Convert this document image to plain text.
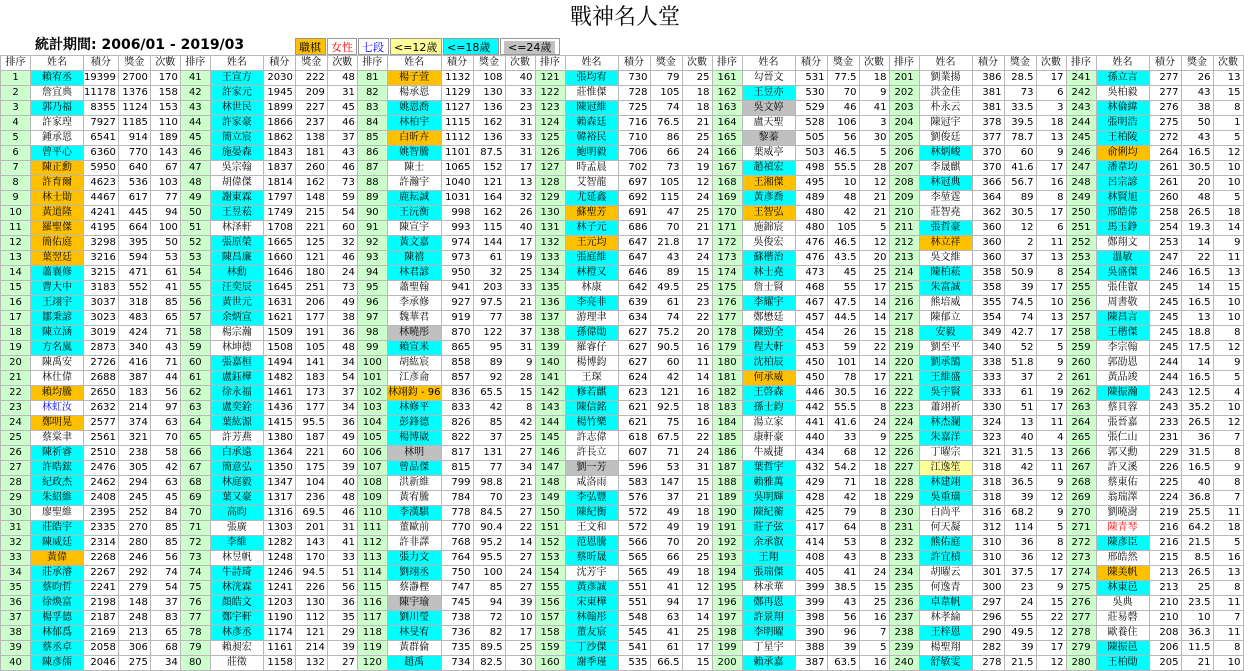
戰神名人堂
統計期間: 2006/01 - 2019/03	職棋 女性 七段 <=12歲 <=18歲	<=24歲
排序	姓名	積分	獎金	次數	排序	姓名	積分	獎金	次數	排序	姓名	積分	獎金	次數	排序	姓名	積分	獎金	次數	排序	姓名	積分	獎金	次數	排序	姓名	積分	獎金	次數	排序	姓名	積分	獎金	次數
1	賴宥丞	19399	2700	170	41	王宣方	2030	222	48	81	楊子萱	1132	108	40	121	張均宥	730	79	25	161	勾晉文	531	77.5	18	201	劉業揚	386	28.5	17	241	孫立言	277	26	13
2	詹宜典	11178	1376	158	42	許家元	1945	209	31	82	楊承恩	1129	130	33	122	莊惟傑	728	105	18	162	王昱亦	530	70	9	202	洪金佳	381	73	6	242	吳柏毅	277	43	15
3	郭乃福	8355	1124	153	43	林世民	1899	227	45	83	姚恩喬	1127	136	23	123	陳冠維	725	74	18	163	吳文婷	529	46	41	203	朴永云	381	33.5	3	243	林倫緯	276	38	8
4	許家瑝	7927	1185	110	44	許家豪	1866	237	46	84	林柏宇	1115	162	31	124	賴森廷	716	76.5	21	164	盧天聖	528	106	3	204	陳冠宇	378	39.5	18	244	張明浩	275	50	1
5	鍾承恩	6541	914	189	45	簡立宸	1862	138	37	85	白昕卉	1112	136	33	125	韓裕民	710	86	25	165	黎蓁	505	56	30	205	劉俊廷	377	78.7	13	245	王柏陵	272	43	5
6	曾平心	6360	770	143	46	施晏森	1843	181	43	86	姚智騰	1101	87.5	31	126	鮑明毅	706	66	24	166	葉威亭	503	46.5	5	206	林炳峻	370	60	9	246	俞俐均	264	16.5	12
7	陳正勳	5950	640	67	47	吳宗翰	1837	260	46	87	陳士	1065	152	17	127	時孟晨	702	73	19	167	趙禎宏	498	55.5	28	207	李晟麒	370	41.6	17	247	潘韋均	261	30.5	10
8	許育爾	4623	536	103	48	胡偉傑	1814	162	73	88	許瀚宇	1040	121	13	128	艾智龍	697	105	12	168	王湘傑	495	10	12	208	林冠典	366	56.7	16	248	呂宗諺	261	20	10
9	林士勛	4467	617	77	49	謝東霖	1797	148	59	89	鹿耘誠	1031	164	32	129	尤延鑫	692	115	24	169	黃彥喬	489	48	21	209	李堃霆	364	89	8	249	林賢旭	260	48	5
10	黃道隆	4241	445	94	50	王昱菘	1749	215	54	90	王沅衡	998	162	26	130	蘇聖芳	691	47	25	170	王智弘	480	42	21	210	莊智堯	362	30.5	17	250	邢皓偉	258	26.5	18
11	羅聖傑	4195	664	100	51	林泽軒	1708	221	60	91	陳宣宇	993	115	40	131	林子元	686	70	21	171	施錦宸	480	105	5	211	張哲豪	360	12	6	251	馬玉錚	254	19.3	14
12	簡佑庭	3298	395	50	52	張原榮	1665	125	32	92	黃文嘉	974	144	17	132	王元均	647	21.8	17	172	吳俊宏	476	46.5	12	212	林立祥	360	2	11	252	鄭翔文	253	14	9
13	葉翌廷	3216	594	53	53	陳昌廉	1660	121	46	93	陳禧	973	61	19	133	張庭維	647	43	24	173	蘇楷治	476	43.5	20	213	吳文維	360	37	13	253	溫敏	247	22	11
14	蕭襄修	3215	471	61	54	林勳	1646	180	24	94	林君諺	950	32	25	134	林榿又	646	89	15	174	林士堯	473	45	25	214	陳柏菘	358	50.9	8	254	吳盛傑	246	16.5	13
15	曹大中	3183	552	41	55	汪奕辰	1645	251	73	95	蕭聖翰	941	203	33	135	林康	642	49.5	25	175	詹士賢	468	55	17	215	朱富誠	358	39	17	255	張佳叡	245	14	15
16	王翊宇	3037	318	85	56	黃世元	1631	206	49	96	李承修	927	97.5	21	136	李亮非	639	61	23	176	李耀宇	467	47.5	14	216	熊培威	355	74.5	10	256	周書敬	245	16.5	10
17	鄒秉諺	3023	483	65	57	余炳宣	1621	177	38	97	魏華君	919	77	38	137	游理聿	634	74	22	177	鄭懋廷	457	44.5	14	217	陳郁立	354	74	13	257	陳昌言	245	13	10
18	陳立涵	3019	424	71	58	楊宗瀚	1509	191	36	98	林曉彤	870	122	37	138	孫偉勛	627	75.2	20	178	陳勁全	454	26	15	218	安毅	349	42.7	17	258	王楷傑	245	18.8	8
19	方名嵐	2873	340	43	59	林坤德	1508	105	48	99	賴宣米	865	95	31	139	羅睿仔	627	90.5	16	179	程大軒	453	59	22	219	劉至平	340	52	5	259	李宗翰	245	17.5	12
20	陳禹安	2726	416	71	60	張嘉桓	1494	141	34	100	胡紘宸	858	89	9	140	楊博鈞	627	60	11	180	沈柏辰	450	101	14	220	劉承鵠	338	51.8	9	260	郭劭恩	244	14	9
21	林仕偉	2688	387	44	61	盧鈺樺	1482	183	54	101	江彥侖	857	92	28	141	王琛	624	42	14	181	何承威	450	78	17	221	王維盛	333	37	2	261	黃品竣	244	16.5	5
22	賴均騰	2650	183	56	62	徐永福	1461	173	37	102	林翊鈞 - 96	836	65.5	15	142	修若麒	623	121	16	182	王啓森	446	30.5	16	222	吳宇賢	333	61	19	262	陳振瀚	243	12.5	4
23	林虹汝	2632	214	97	63	盧奕銓	1436	177	34	103	林修平	833	42	8	143	陳信銘	621	92.5	18	183	孫士鈞	442	55.5	8	223	蕭翊祈	330	51	17	263	蔡貝蓉	243	35.2	10
24	鄭明晃	2577	374	63	64	葉紘源	1415	95.5	36	104	彭鋒德	826	85	42	144	楊竹樂	621	75	16	184	湯立家	441	41.6	24	224	林杰瀾	324	13	11	264	張晉嘉	233	26.5	12
25	蔡棠聿	2561	321	70	65	許芳燕	1380	187	49	105	楊博崴	822	37	25	145	許志偉	618	67.5	22	185	康軒豪	440	33	9	225	朱嘉洋	323	40	4	265	張仁山	231	36	7
26	陳祈睿	2510	238	58	66	白承遠	1364	221	60	106	林明	817	131	27	146	許長立	607	71	24	186	牛威捷	434	68	12	226	丁曜宗	321	31.5	13	266	郭又勳	229	31.5	8
27	許晧鋐	2476	305	42	67	簡意弘	1350	175	39	107	曾品傑	815	77	34	147	劉一芳	596	53	31	187	葉哲宇	432	54.2	18	227	江逸笙	318	42	11	267	許又溪	226	16.5	9
28	紀政杰	2462	294	63	68	林庭毅	1347	104	40	108	洪新維	799	98.8	21	148	咸洛雨	583	147	15	188	賴雅萬	429	71	18	228	林建翊	318	36.5	9	268	蔡東佑	225	40	8
29	朱紹維	2408	245	45	69	葉又豪	1317	236	48	109	黃宥騰	784	70	23	149	李弘豐	576	37	21	189	吳明輝	428	42	18	229	吳重璜	318	39	12	269	翁瑞澤	224	36.8	7
30	廖聖維	2395	252	84	70	高昀	1316	69.5	46	110	李漢騏	778	84.5	27	150	陳紀衡	572	49	18	190	陳紀蘅	425	79	8	230	白尚平	316	68.2	9	270	劉曉澍	219	25.5	11
31	莊皓宇	2335	270	85	71	張廣	1303	201	31	111	董歐前	770	90.4	22	151	王文和	572	49	19	191	莊子弦	417	64	8	231	何天凝	312	114	5	271	陳青琴	216	64.2	18
32	陳威廷	2314	280	85	72	李維	1282	143	41	112	許非譯	768	95.2	14	152	范恩騰	566	70	20	192	余承叡	414	53	8	232	熊佑庭	310	36	8	272	陳彥臣	216	21.5	5
33	黃偉	2268	246	56	73	林昱帆	1248	170	33	113	張力文	764	95.5	27	153	蔡昕晟	565	66	25	193	王翔	408	43	8	233	許宜楨	310	36	12	273	邢皓然	215	8.5	16
34	莊承濬	2267	292	74	74	牛詩琦	1246	94.5	51	114	劉翊丞	750	100	24	154	沈芳宇	565	49	18	194	張瑞傑	405	41	24	234	胡曜云	301	37.5	17	274	陳美帆	213	26.5	13
35	蔡昀哲	2241	279	54	75	林洸霖	1241	226	56	115	蔡瀞樫	747	85	27	155	黃彥誠	551	41	12	195	林承華	399	38.5	15	235	何逸青	300	23	9	275	林東邑	213	25	8
36	徐煥富	2198	148	37	76	顏皓文	1203	130	36	116	陳宇瑜	745	94	39	156	宋東樺	551	94	17	196	鄭再恩	399	43	25	236	卓韋帆	297	24	15	276	吳典	210	23.5	11
37	楊孚德	2187	248	83	77	鄭宇軒	1190	112	35	117	劉川瑩	738	72	10	157	林翰彤	548	63	14	197	許景翔	398	56	16	237	林孝綸	296	55	22	277	莊易磬	210	10	7
38	林郁爲	2169	213	65	78	林彥丞	1174	121	29	118	林旻宥	736	82	17	158	董友宸	545	41	25	198	李明曜	390	96	7	238	王梓恩	290	49.5	12	278	歐養住	208	36.3	11
39	蔡丞卓	2058	306	68	79	賴昶宏	1161	214	39	119	黃群倫	735	89.5	25	159	丁沙傑	541	61	17	199	丁星宇	388	39	5	239	楊聖翔	282	39	17	279	陳振邑	206	11.5	8
40	陳彥儒	2046	275	34	80	莊徵	1158	132	27	120	趙禹	734	82.5	30	160	謝季瑾	535	66.5	15	200	賴承嘉	387	63.5	16	240	舒敏雯	278	21.5	12	280	王柏勛	205	21	10
